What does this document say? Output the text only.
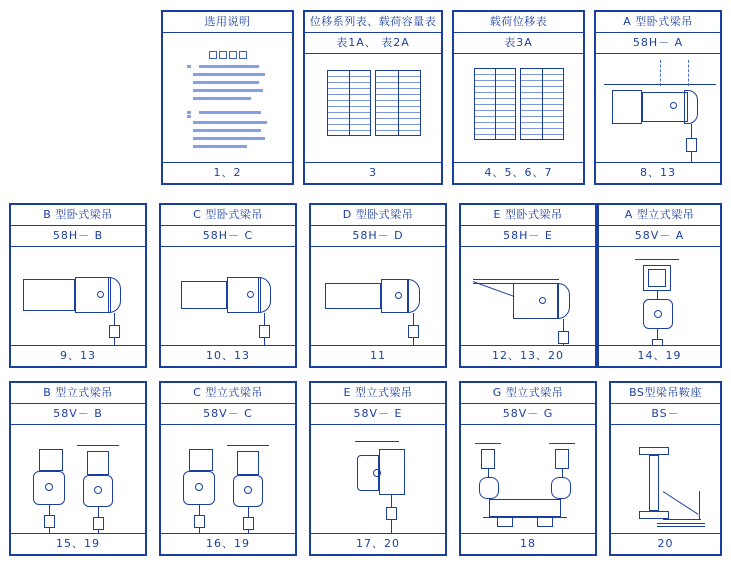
选用说明
1、2
位移系列表、载荷容量表
表1A、 表2A
3
载荷位移表
表3A
4、5、6、7
A 型卧式梁吊
58H－ A
8、13
B 型卧式梁吊
58H－ B
9、13
C 型卧式梁吊
58H－ C
10、13
D 型卧式梁吊
58H－ D
11
E 型卧式梁吊
58H－ E
12、13、20
A 型立式梁吊
58V－ A
14、19
B 型立式梁吊
58V－ B
15、19
C 型立式梁吊
58V－ C
16、19
E 型立式梁吊
58V－ E
17、20
G 型立式梁吊
58V－ G
18
BS型梁吊鞍座
BS－
20
